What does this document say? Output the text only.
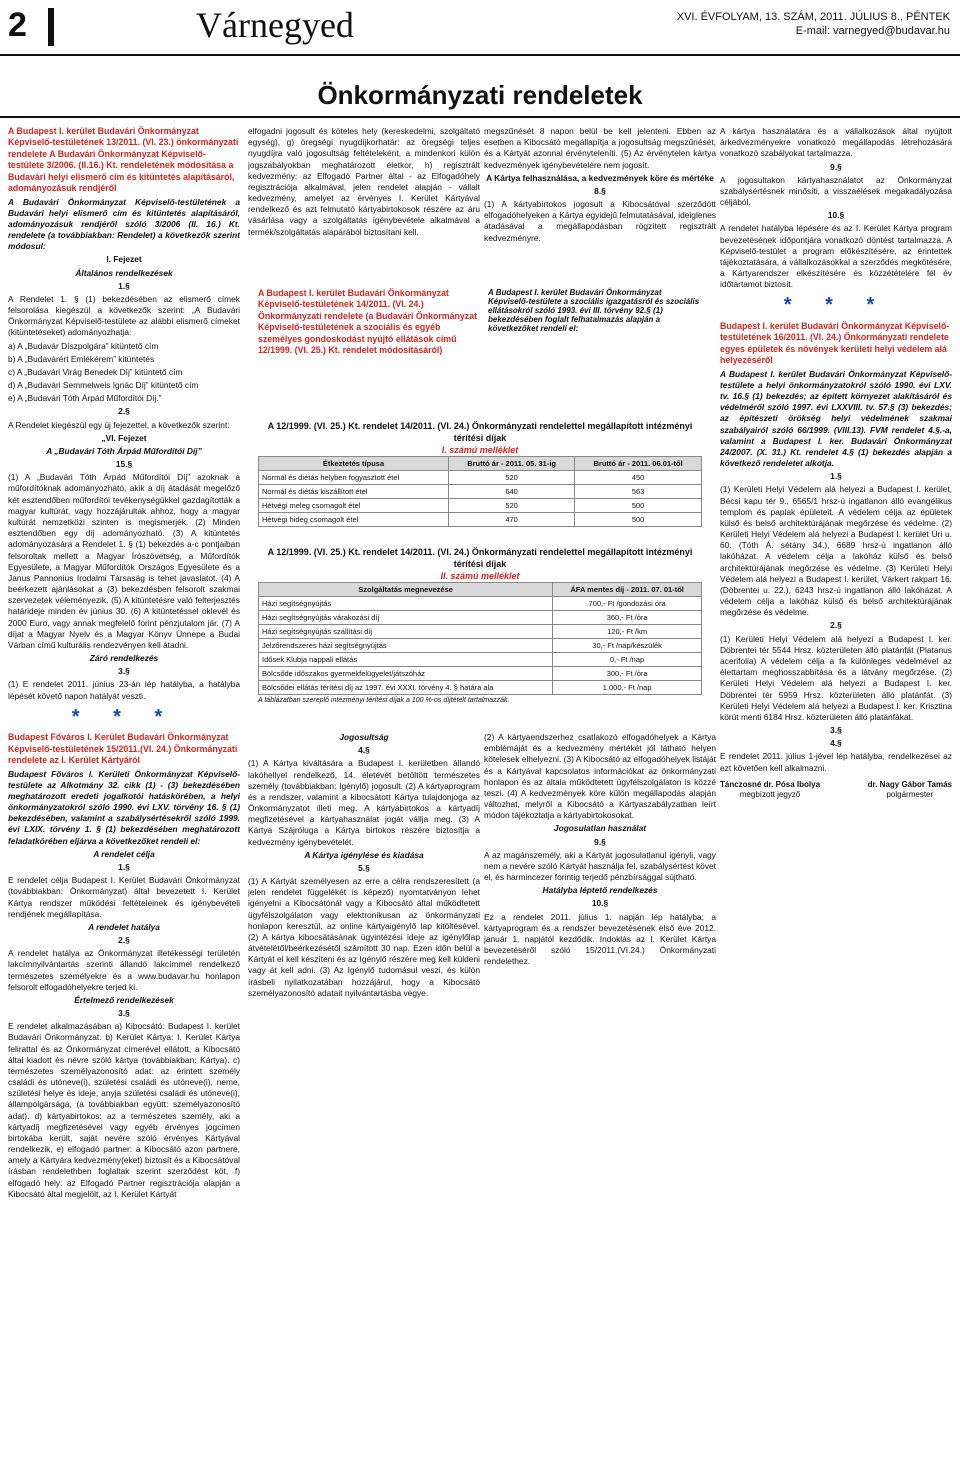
2	Várnegyed	XVI. ÉVFOLYAM, 13. SZÁM, 2011. JÚLIUS 8., PÉNTEK
E-mail: varnegyed@budavar.hu
Önkormányzati rendeletek

A Budapest I. kerület Budavári Önkormányzat Képviselő-testületének 13/2011. (VI. 23.) önkormányzati rendelete A Budavári Önkormányzat Képviselő-testülete 3/2006. (II.16.) Kt. rendeletének módosítása a Budavári helyi elismerő cím és kitüntetés alapításáról, adományozásuk rendjéről

A Budavári Önkormányzat Képviselő-testületének a Budavári helyi elismerő cím és kitüntetés alapításáról, adományozásuk rendjéről szóló 3/2006 (II. 16.) Kt. rendelete (a továbbiakban: Rendelet) a következők szerint módosul:

I. Fejezet

Általános rendelkezések

1.§

A Rendelet 1. § (1) bekezdésében az elismerő címek felsorolása kiegészül a következők szerint: „A Budavári Önkormányzat Képviselő-testülete az alábbi elismerő címeket (kitüntetéseket) adományozhatja:

a) A „Budavár Díszpolgára” kitüntető cím

b) A „Budavárért Emlékérem” kitüntetés

c) A „Budavári Virág Benedek Díj” kitüntető cím

d) A „Budavári Semmelweis Ignác Díj” kitüntető cím

e) A „Budavári Tóth Árpád Műfordítói Díj.”

2.§

A Rendelet kiegészül egy új fejezettel, a következők szerint:

„VI. Fejezet

A „Budavári Tóth Árpád Műfordítói Díj”

15.§

(1) A „Budavári Tóth Árpád Műfordítói Díj” azoknak a műfordítóknak adományozható, akik a díj átadását megelőző két esztendőben műfordítói tevékenységükkel gazdagították a magyar kultúrát, vagy hozzájárultak ahhoz, hogy a magyar kultúrát nemzetközi szinten is megismerjék. (2) Minden esztendőben egy díj adományozható. (3) A kitüntetés adományozására a Rendelet 1. § (1) bekezdés a-c pontjaiban felsoroltak mellett a Magyar Írószövetség, a Műfordítók Egyesülete, a Magyar Műfordítók Országos Egyesülete és a Janus Pannonius Irodalmi Társaság is tehet javaslatot. (4) A beérkezett ajánlásokat a (3) bekezdésben felsorolt szakmai szervezetek véleményezik. (5) A kitüntetésre való felterjesztés határideje minden év június 30. (6) A kitüntetéssel oklevél és 2000 Euro, vagy annak megfelelő forint pénzjutalom jár. (7) A díjat a Magyar Nyelv és a Magyar Könyv Ünnepe a Budai Várban című kulturális rendezvényen kell átadni.

Záró rendelkezés

3.§

(1) E rendelet 2011. június 23-án lép hatályba, a hatályba lépését követő napon hatályát veszti.

* * *

Budapest Főváros I. Kerület Budavári Önkormányzat Képviselő-testületének 15/2011.(VI. 24.) Önkormányzati rendelete az I. Kerület Kártyáról

Budapest Főváros I. Kerületi Önkormányzat Képviselő-testülete az Alkotmány 32. cikk (1) - (3) bekezdésében meghatározott eredeti jogalkotói hatáskörében, a helyi önkormányzatokról szóló 1990. évi LXV. törvény 16. § (1) bekezdésében, valamint a szabálysértésekről szóló 1999. évi LXIX. törvény 1. § (1) bekezdésében meghatározott feladatkörében eljárva a következőket rendeli el:

A rendelet célja

1.§

E rendelet célja Budapest I. Kerület Budavári Önkormányzat (továbbiakban: Önkormányzat) által bevezetett I. Kerület Kártya rendszer működési feltételeinek és igénybevételi rendjének megállapítása.

A rendelet hatálya

2.§

A rendelet hatálya az Önkormányzat illetékességi területén lakcímnyilvántartás szerinti állandó lakcímmel rendelkező természetes személyekre és a www.budavar.hu honlapon felsorolt elfogadóhelyekre terjed ki.

Értelmező rendelkezések

3.§

E rendelet alkalmazásában a) Kibocsátó: Budapest I. kerület Budavári Önkormányzat. b) Kerület Kártya: I. Kerület Kártya felirattal és az Önkormányzat címerével ellátott, a Kibocsátó által kiadott és névre szóló kártya (továbbiakban: Kártya). c) természetes személyazonosító adat: az érintett személy családi és utóneve(i), születési családi és utóneve(i), neme, születési helye és ideje, anyja születési családi és utóneve(i), állampolgársága, (a továbbiakban együtt: személyazonosító adat). d) kártyabirtokos: az a természetes személy, aki a kártyadíj megfizetésével vagy egyéb érvényes jogcímen birtokába került, saját nevére szóló érvényes Kártyával rendelkezik, e) elfogadó partner: a Kibocsátó azon partnere, amely a Kártyára kedvezmény(eket) biztosít és a Kibocsátóval írásban rendelethben foglaltak szerint szerződést köt, f) elfogadó hely: az Elfogadó Partner regisztrációja alapján a Kibocsátó által megjelölt, az I. Kerület Kártyát

elfogadni jogosult és köteles hely (kereskedelmi, szolgáltató egység), g) öregségi nyugdíjkorhatár: az öregségi teljes nyugdíjra való jogosultság feltételeként, a mindenkori külön jogszabályokban meghatározott életkor, h) regisztrált kedvezmény: az Elfogadó Partner által - az Elfogadóhely regisztrációja alkalmával, jelen rendelet alapján - vállalt kedvezmény, amelyet az érvényes I. Kerület Kártyával rendelkező és azt felmutató kártyabirtokosok részére az áru vásárlása vagy a szolgáltatás igénybevétele alkalmával a termék/szolgáltatás alapárából biztosítani kell.

megszűnését 8 napon belül be kell jelenteni. Ebben az esetben a Kibocsátó megállapítja a jogosultság megszűnését, és a Kártyát azonnal érvényteleníti. (5) Az érvénytelen kártya kedvezmények igénybevételére nem jogosít.

A Kártya felhasználása, a kedvezmények köre és mértéke

8.§

(1) A kártyabirtokos jogosult a Kibocsátóval szerződött elfogadóhelyeken a Kártya egyidejű felmutatásával, ideiglenes átadásával a megállapodásban rögzített regisztrált kedvezményre.

A Budapest I. kerület Budavári Önkormányzat Képviselő-testületének 14/2011. (VI. 24.) Önkormányzati rendelete (a Budavári Önkormányzat Képviselő-testületének a szociális és egyéb személyes gondoskodást nyújtó ellátások című 12/1999. (VI. 25.) Kt. rendelet módosításáról)

A Budapest I. kerület Budavári Önkormányzat Képviselő-testülete a szociális igazgatásról és szociális ellátásokról szóló 1993. évi III. törvény 92.§ (1) bekezdésében foglalt felhatalmazás alapján a következőket rendeli el:

A 12/1999. (VI. 25.) Kt. rendelet 14/2011. (VI. 24.) Önkormányzati rendelettel megállapított intézményi térítési díjak
I. számú melléklet
Étkeztetés típusa	Bruttó ár - 2011. 05. 31-ig	Bruttó ár - 2011. 06.01-től
Normál és diétás helyben fogyasztott étel	520	450
Normál és diétás kiszállított étel	640	563
Hétvégi meleg csomagolt étel	520	500
Hétvégi hideg csomagolt étel	470	500
A 12/1999. (VI. 25.) Kt. rendelet 14/2011. (VI. 24.) Önkormányzati rendelettel megállapított intézményi térítési díjak
II. számú melléklet
Szolgáltatás megnevezése	ÁFA mentes díj - 2011. 07. 01-től
Házi segítségnyújtás	700,- Ft /gondozási óra
Házi segítségnyújtás várakozási díj	360,- Ft /óra
Házi segítségnyújtás szállítási díj	120,- Ft /km
Jelzőrendszeres házi segítségnyújtás	30,- Ft /nap/készülék
Idősek Klubja nappali ellátás	0,- Ft /nap
Bölcsőde időszakos gyermekfelügyelet/játszóház	300,- Ft /óra
Bölcsődei ellátás térítési díj az 1997. évi XXXI. törvény 4. § határa ala	1.000,- Ft /nap
A táblázatban szereplő intézményi térítési díjak a 100 %-os díjtételt tartalmazzák.

Jogosultság

4.§

(1) A Kártya kiváltására a Budapest I. kerületben állandó lakóhellyel rendelkező, 14. életévét betöltött természetes személy (továbbiakban: Igénylő) jogosult. (2) A kártyaprogram és a rendszer, valamint a kibocsátott Kártya tulajdonjoga az Önkormányzatot illeti meg. A kártyabirtokos a kártyadíj megfizetésével a kártyahasználat jogát vállja meg. (3) A Kártya Szájróluga a Kártya birtokos részére biztosítja a kedvezmény igénybevételét.

A Kártya igénylése és kiadása

5.§

(1) A Kártyát személyesen az erre a célra rendszeresített (a jelen rendelet függelékét is képező) nyomtatványon lehet igényelni a Kibocsátónál vagy a Kibocsátó által működtetett ügyfélszolgálaton vagy elektronikusan az önkormányzati honlapon keresztül, az online kártyaigénylő lap kitöltésével. (2) A kártya kibocsátásának ügyintézési ideje az igénylőlap átvételétől/beérkezésétől számított 30 nap. Ezen időn belül a Kártyát el kell készíteni és az Igénylő részére meg kell küldeni vagy át kell adni. (3) Az Igénylő tudomásul veszi, és külön írásbeli nyilatkozatában hozzájárul, hogy a Kibocsátó személyazonosító adatait nyilvántartásba vegye.

(2) A kártyaendszerhez csatlakozó elfogadóhelyek a Kártya emblémáját és a kedvezmény mértékét jól látható helyen kötelesek elhelyezni. (3) A Kibocsátó az elfogadóhelyek listáját és a Kártyával kapcsolatos információkat az önkormányzati honlapon és az általa működtetett ügyfélszolgálaton is közzé teszi. (4) A kedvezmények köre külön megállapodás alapján változhat, melyről a Kibocsátó a Kártyaszabályzatban leírt módon tájékoztatja a kártyabirtokosokat.

Jogosulatlan használat

9.§

A az magánszemély, aki a Kártyát jogosulatlanul igényli, vagy nem a nevére szóló Kártyát használja fel, szabálysértést követ el, és harmincezer forintig terjedő pénzbírsággal sújtható.

Hatályba léptető rendelkezés

10.§

Ez a rendelet 2011. július 1. napján lép hatályba; a kártyaprogram és a rendszer bevezetésének első éve 2012. január 1. napjától kezdődik. Indoklás az I. Kerület Kártya bevezetéséről szóló 15/2011.(VI.24.) Önkormányzati rendelethez.

A kártya használatára és a vállalkozások által nyújtott árkedvezményekre vonatkozó megállapodás létrehozására vonatkozó szabályokat tartalmazza.

9.§

A jogosultakon kártyahasználatot az Önkormányzat szabálysértésnek minősíti, a visszaélések megakadályozása céljából.

10.§

A rendelet hatályba lépésére és az I. Kerület Kártya program bevezetésének időpontjára vonatkozó döntést tartalmazza. A Képviselő-testület a program előkészítésére, az érintettek tájékoztatására, a vállalkozásokkal a szerződés megkötésére, a Kártyarendszer elkészítésére és közzétételére fél év időtartamot biztosít.

* * *

Budapest I. kerület Budavári Önkormányzat Képviselő-testületének 16/2011. (VI. 24.) Önkormányzati rendelete egyes épületek és növények kerületi helyi védelem alá helyezéséről

A Budapest I. kerület Budavári Önkormányzat Képviselő-testülete a helyi önkormányzatokról szóló 1990. évi LXV. tv. 16.§ (1) bekezdés; az épített környezet alakításáról és védelméről szóló 1997. évi LXXVIII. tv. 57.§ (3) bekezdés; az építészeti örökség helyi védelmének szakmai szabályairól szóló 66/1999. (VIII.13). FVM rendelet 4.§.-a, valamint a Budapest I. ker. Budavári Önkormányzat 24/2007. (X. 31.) Kt. rendelet 4.§ (1) bekezdés alapján a következő rendeletet alkotja.

1.§

(1) Kerületi Helyi Védelem alá helyezi a Budapest I. kerület, Bécsi kapu tér 9., 6565/1 hrsz-ú ingatlanon álló evangélikus templom és paplak épületeit. A védelem célja az épületek külső és belső architektúrájának megőrzése és védelme. (2) Kerületi Helyi Védelem alá helyezi a Budapest I. kerület Úri u. 60. (Tóth Á. sétány 34.), 6689 hrsz-ú ingatlanon álló lakóházat. A védelem célja a lakóház külső és belső architektúrájának megőrzése és védelme. (3) Kerületi Helyi Védelem alá helyezi a Budapest I. kerület, Várkert rakpart 16. (Döbrentei u. 22.), 6243 hrsz-ú ingatlanon álló lakóházat. A védelem célja a lakóház külső és belső architektúrájának megőrzése és védelme.

2.§

(1) Kerületi Helyi Védelem alá helyezi a Budapest I. ker. Döbrentei tér 5544 Hrsz. közterületen álló platánfát (Platanus acerifolia) A védelem célja a fa különleges védelmével az élettartam meghosszabbítása és a látvány megőrzése. (2) Kerületi Helyi Védelem alá helyezi a Budapest I. ker. Döbrentei tér 5959 Hrsz. közterületen álló platánfát. (3) Kerületi Helyi Védelem alá helyezi a Budapest I. ker. Krisztina körút menti 6184 Hrsz. közterületen álló platánfákat.

3.§

4.§

E rendelet 2011. július 1-jével lép hatályba, rendelkezései az ezt követően kell alkalmazni.

Tánczosné dr. Pósa Ibolya
megbízott jegyző
dr. Nagy Gábor Tamás
polgármester
